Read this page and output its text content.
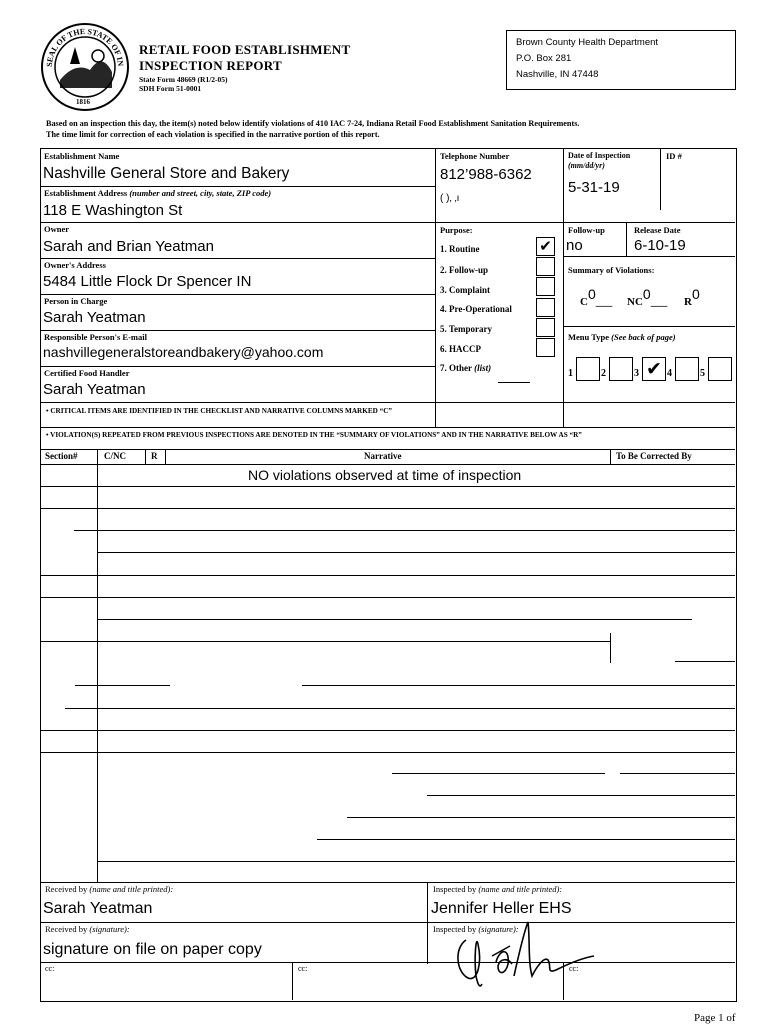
SEAL OF THE STATE OF IN
1816
RETAIL FOOD ESTABLISHMENT
INSPECTION REPORT
State Form 48669 (R1/2-05)
SDH Form 51-0001
Brown County Health Department
P.O. Box 281
Nashville, IN 47448
Based on an inspection this day, the item(s) noted below identify violations of 410 IAC 7-24, Indiana Retail Food Establishment Sanitation Requirements.
The time limit for correction of each violation is specified in the narrative portion of this report.
Establishment Name
Nashville General Store and Bakery
Establishment Address (number and street, city, state, ZIP code)
118 E Washington St
Owner
Sarah and Brian Yeatman
Owner's Address
5484 Little Flock Dr Spencer IN
Person in Charge
Sarah Yeatman
Responsible Person's E-mail
nashvillegeneralstoreandbakery@yahoo.com
Certified Food Handler
Sarah Yeatman
Telephone Number
812’988-6362
( )‚ ‚ı
Date of Inspection
(mm/dd/yr)
5-31-19
ID #
Purpose:
1. Routine
2. Follow-up
3. Complaint
4. Pre-Operational
5. Temporary
6. HACCP
7. Other (list)
✔
Follow-up
no
Release Date
6-10-19
Summary of Violations:
C0___ NC0___ R0
Menu Type (See back of page)
1	2	3 ✔ 4	5
• CRITICAL ITEMS ARE IDENTIFIED IN THE CHECKLIST AND NARRATIVE COLUMNS MARKED “C”
• VIOLATION(S) REPEATED FROM PREVIOUS INSPECTIONS ARE DENOTED IN THE “SUMMARY OF VIOLATIONS” AND IN THE NARRATIVE BELOW AS “R”
Section#	C/NC	R	Narrative	To Be Corrected By
NO violations observed at time of inspection
Received by (name and title printed):
Sarah Yeatman
Inspected by (name and title printed):
Jennifer Heller EHS
Received by (signature):
signature on file on paper copy
Inspected by (signature):
cc:	cc:	cc:
Page 1 of
